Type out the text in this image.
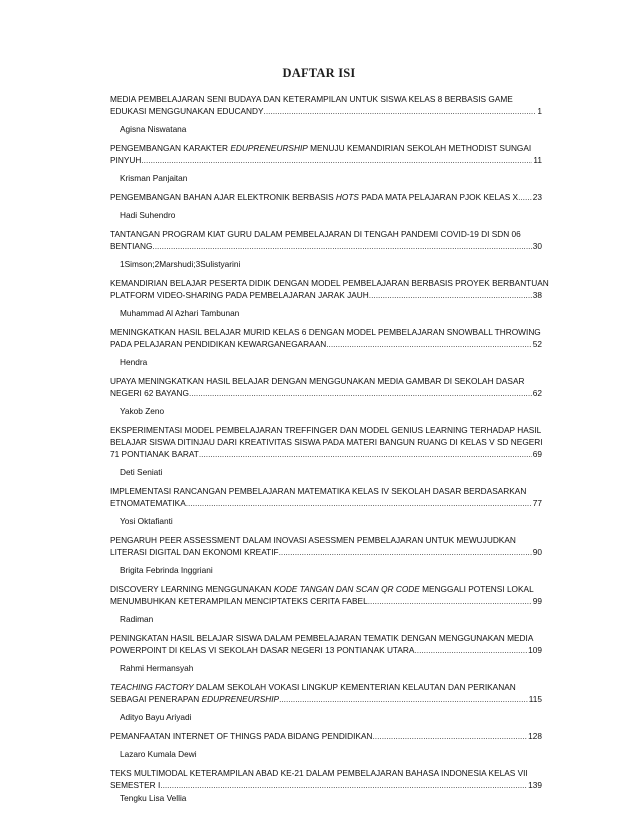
DAFTAR ISI
MEDIA PEMBELAJARAN SENI BUDAYA DAN KETERAMPILAN UNTUK SISWA KELAS 8 BERBASIS GAME
EDUKASI MENGGUNAKAN EDUCANDY .....	1
Agisna Niswatana
PENGEMBANGAN KARAKTER EDUPRENEURSHIP MENUJU KEMANDIRIAN SEKOLAH METHODIST SUNGAI
PINYUH .....	11
Krisman Panjaitan
PENGEMBANGAN BAHAN AJAR ELEKTRONIK BERBASIS HOTS PADA MATA PELAJARAN PJOK KELAS X ..... 23
Hadi Suhendro
TANTANGAN PROGRAM KIAT GURU DALAM PEMBELAJARAN DI TENGAH PANDEMI COVID-19 DI SDN 06
BENTIANG .....	30
1Simson;2Marshudi;3Sulistyarini
KEMANDIRIAN BELAJAR PESERTA DIDIK DENGAN MODEL PEMBELAJARAN BERBASIS PROYEK BERBANTUAN
PLATFORM VIDEO-SHARING PADA PEMBELAJARAN JARAK JAUH .....	38
Muhammad Al Azhari Tambunan
MENINGKATKAN HASIL BELAJAR MURID KELAS 6 DENGAN MODEL PEMBELAJARAN SNOWBALL THROWING
PADA PELAJARAN PENDIDIKAN KEWARGANEGARAAN .....	52
Hendra
UPAYA MENINGKATKAN HASIL BELAJAR DENGAN MENGGUNAKAN MEDIA GAMBAR DI SEKOLAH DASAR
NEGERI 62 BAYANG .....	62
Yakob Zeno
EKSPERIMENTASI MODEL PEMBELAJARAN TREFFINGER DAN MODEL GENIUS LEARNING TERHADAP HASIL
BELAJAR SISWA DITINJAU DARI KREATIVITAS SISWA PADA MATERI BANGUN RUANG DI KELAS V SD NEGERI
71 PONTIANAK BARAT .....	69
Deti Seniati
IMPLEMENTASI RANCANGAN PEMBELAJARAN MATEMATIKA KELAS IV SEKOLAH DASAR BERDASARKAN
ETNOMATEMATIKA .....	77
Yosi Oktafianti
PENGARUH PEER ASSESSMENT DALAM INOVASI ASESSMEN PEMBELAJARAN UNTUK MEWUJUDKAN
LITERASI DIGITAL DAN EKONOMI KREATIF .....	90
Brigita Febrinda Inggriani
DISCOVERY LEARNING MENGGUNAKAN KODE TANGAN DAN SCAN QR CODE MENGGALI POTENSI LOKAL
MENUMBUHKAN KETERAMPILAN MENCIPTATEKS CERITA FABEL .....	99
Radiman
PENINGKATAN HASIL BELAJAR SISWA DALAM PEMBELAJARAN TEMATIK DENGAN MENGGUNAKAN MEDIA
POWERPOINT DI KELAS VI SEKOLAH DASAR NEGERI 13 PONTIANAK UTARA .....	109
Rahmi Hermansyah
TEACHING FACTORY DALAM SEKOLAH VOKASI LINGKUP KEMENTERIAN KELAUTAN DAN PERIKANAN
SEBAGAI PENERAPAN EDUPRENEURSHIP .....	115
Adityo Bayu Ariyadi
PEMANFAATAN INTERNET OF THINGS PADA BIDANG PENDIDIKAN .....	128
Lazaro Kumala Dewi
TEKS MULTIMODAL KETERAMPILAN ABAD KE-21 DALAM PEMBELAJARAN BAHASA INDONESIA KELAS VII
SEMESTER I .....	139
Tengku Lisa Vellia
